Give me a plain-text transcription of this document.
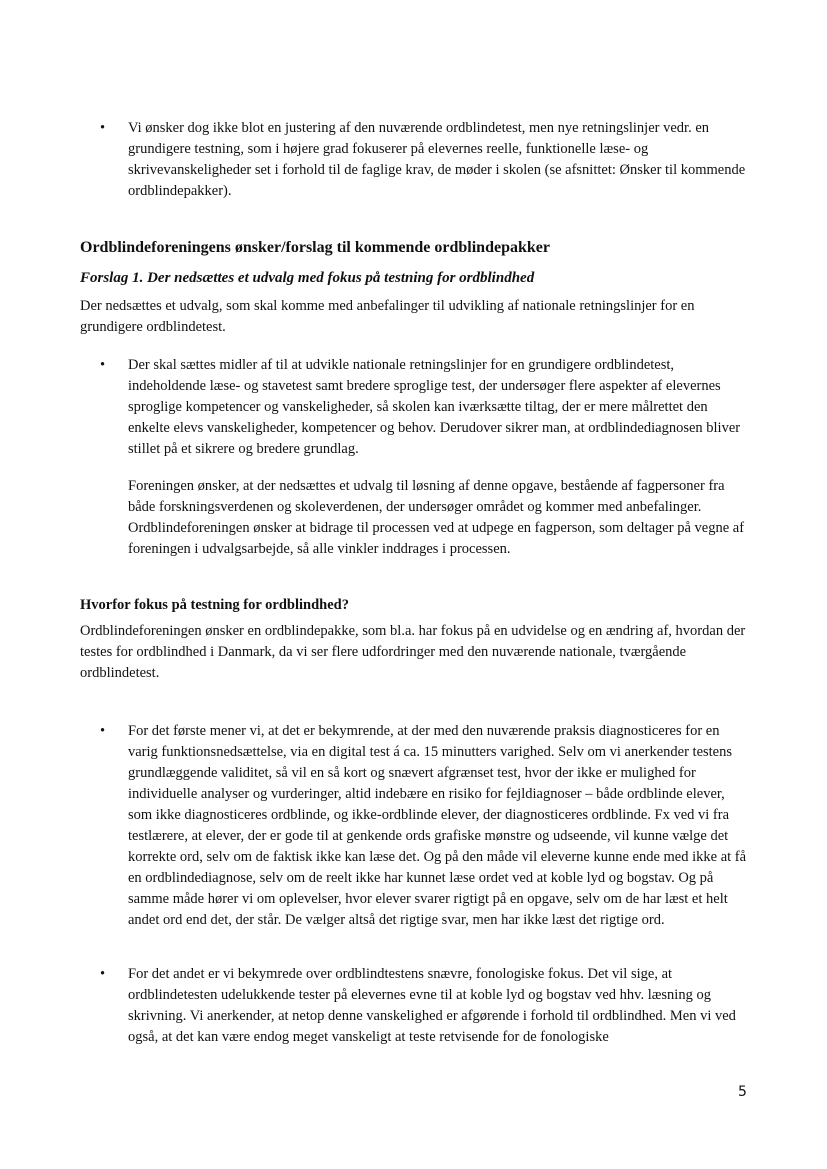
•	Vi ønsker dog ikke blot en justering af den nuværende ordblindetest, men nye retningslinjer vedr. en grundigere testning, som i højere grad fokuserer på elevernes reelle, funktionelle læse- og skrivevanskeligheder set i forhold til de faglige krav, de møder i skolen (se afsnittet: Ønsker til kommende ordblindepakker).
Ordblindeforeningens ønsker/forslag til kommende ordblindepakker
Forslag 1. Der nedsættes et udvalg med fokus på testning for ordblindhed
Der nedsættes et udvalg, som skal komme med anbefalinger til udvikling af nationale retningslinjer for en grundigere ordblindetest.
•	Der skal sættes midler af til at udvikle nationale retningslinjer for en grundigere ordblindetest, indeholdende læse- og stavetest samt bredere sproglige test, der undersøger flere aspekter af elevernes sproglige kompetencer og vanskeligheder, så skolen kan iværksætte tiltag, der er mere målrettet den enkelte elevs vanskeligheder, kompetencer og behov. Derudover sikrer man, at ordblindediagnosen bliver stillet på et sikrere og bredere grundlag.
Foreningen ønsker, at der nedsættes et udvalg til løsning af denne opgave, bestående af fagpersoner fra både forskningsverdenen og skoleverdenen, der undersøger området og kommer med anbefalinger. Ordblindeforeningen ønsker at bidrage til processen ved at udpege en fagperson, som deltager på vegne af foreningen i udvalgsarbejde, så alle vinkler inddrages i processen.
Hvorfor fokus på testning for ordblindhed?
Ordblindeforeningen ønsker en ordblindepakke, som bl.a. har fokus på en udvidelse og en ændring af, hvordan der testes for ordblindhed i Danmark, da vi ser flere udfordringer med den nuværende nationale, tværgående ordblindetest.
•	For det første mener vi, at det er bekymrende, at der med den nuværende praksis diagnosticeres for en varig funktionsnedsættelse, via en digital test á ca. 15 minutters varighed. Selv om vi anerkender testens grundlæggende validitet, så vil en så kort og snævert afgrænset test, hvor der ikke er mulighed for individuelle analyser og vurderinger, altid indebære en risiko for fejldiagnoser – både ordblinde elever, som ikke diagnosticeres ordblinde, og ikke-ordblinde elever, der diagnosticeres ordblinde. Fx ved vi fra testlærere, at elever, der er gode til at genkende ords grafiske mønstre og udseende, vil kunne vælge det korrekte ord, selv om de faktisk ikke kan læse det. Og på den måde vil eleverne kunne ende med ikke at få en ordblindediagnose, selv om de reelt ikke har kunnet læse ordet ved at koble lyd og bogstav. Og på samme måde hører vi om oplevelser, hvor elever svarer rigtigt på en opgave, selv om de har læst et helt andet ord end det, der står. De vælger altså det rigtige svar, men har ikke læst det rigtige ord.
•	For det andet er vi bekymrede over ordblindtestens snævre, fonologiske fokus. Det vil sige, at ordblindetesten udelukkende tester på elevernes evne til at koble lyd og bogstav ved hhv. læsning og skrivning. Vi anerkender, at netop denne vanskelighed er afgørende i forhold til ordblindhed. Men vi ved også, at det kan være endog meget vanskeligt at teste retvisende for de fonologiske
5
